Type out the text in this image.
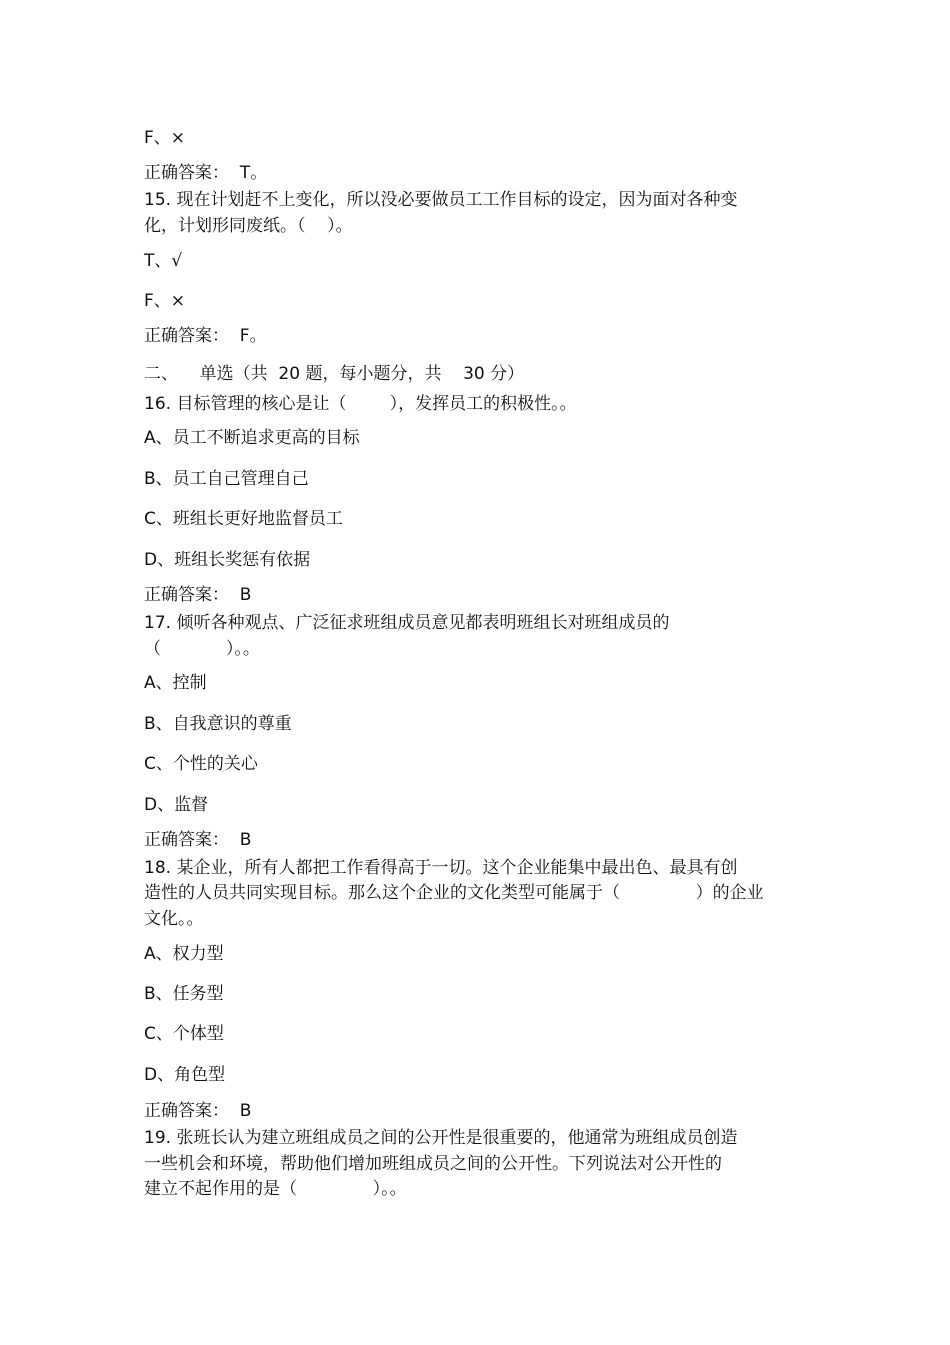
F、×
正确答案：  T。
15. 现在计划赶不上变化，所以没必要做员工工作目标的设定，因为面对各种变
化，计划形同废纸。（    ）。
T、√
F、×
正确答案：  F。
二、    单选（共  20 题，每小题分，共    30 分）
16. 目标管理的核心是让（        ），发挥员工的积极性。。
A、员工不断追求更高的目标
B、员工自己管理自己
C、班组长更好地监督员工
D、班组长奖惩有依据
正确答案：  B
17. 倾听各种观点、广泛征求班组成员意见都表明班组长对班组成员的
（            ）。。
A、控制
B、自我意识的尊重
C、个性的关心
D、监督
正确答案：  B
18. 某企业，所有人都把工作看得高于一切。这个企业能集中最出色、最具有创
造性的人员共同实现目标。那么这个企业的文化类型可能属于（              ）的企业
文化。。
A、权力型
B、任务型
C、个体型
D、角色型
正确答案：  B
19. 张班长认为建立班组成员之间的公开性是很重要的，他通常为班组成员创造
一些机会和环境，帮助他们增加班组成员之间的公开性。下列说法对公开性的
建立不起作用的是（              ）。。
